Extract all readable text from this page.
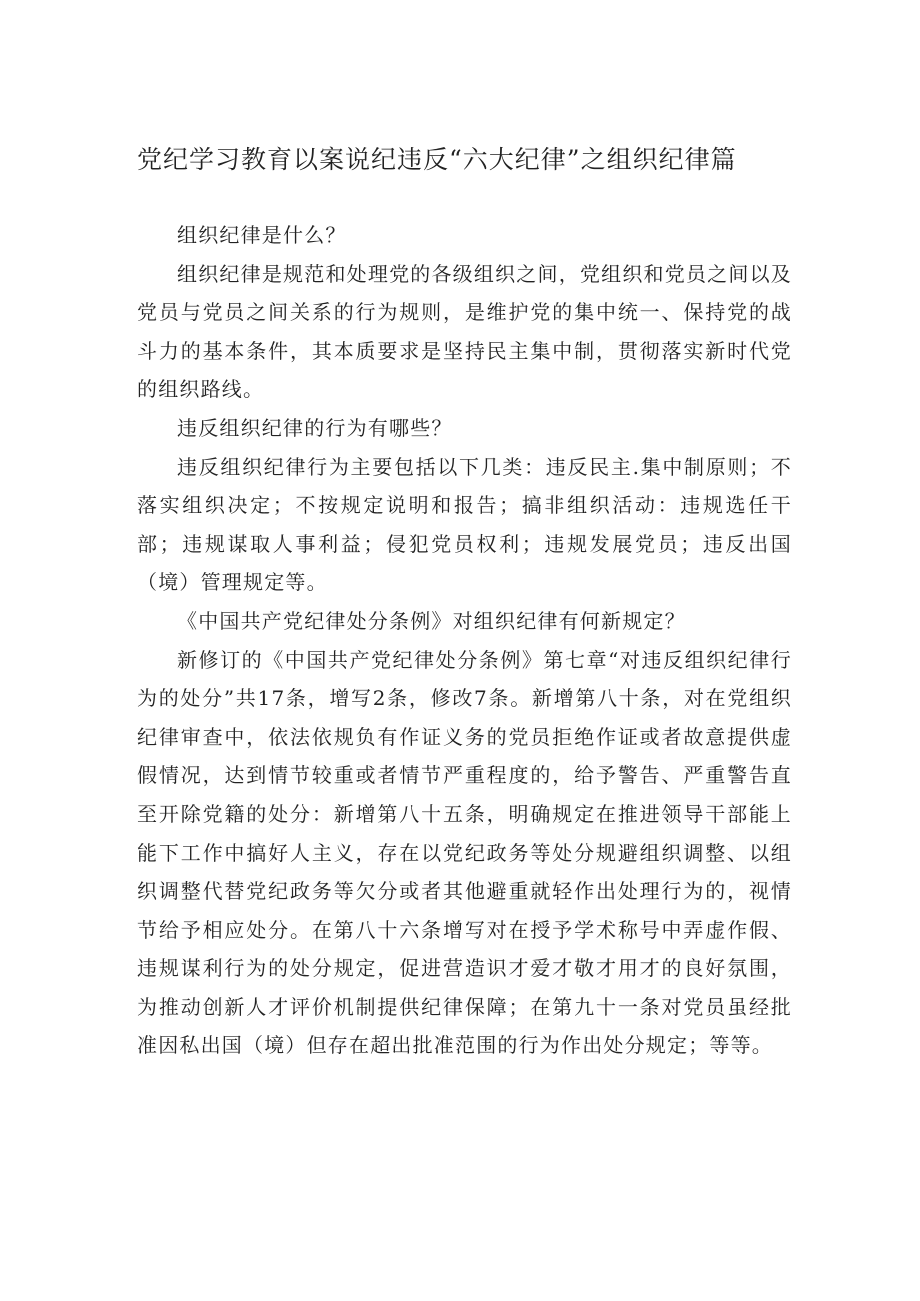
党纪学习教育以案说纪违反“六大纪律”之组织纪律篇

组织纪律是什么？

组织纪律是规范和处理党的各级组织之间，党组织和党员之间以及党员与党员之间关系的行为规则，是维护党的集中统一、保持党的战斗力的基本条件，其本质要求是坚持民主集中制，贯彻落实新时代党的组织路线。

违反组织纪律的行为有哪些？

违反组织纪律行为主要包括以下几类：违反民主.集中制原则；不落实组织决定；不按规定说明和报告；搞非组织活动：违规选任干部；违规谋取人事利益；侵犯党员权利；违规发展党员；违反出国（境）管理规定等。

《中国共产党纪律处分条例》对组织纪律有何新规定？

新修订的《中国共产党纪律处分条例》第七章“对违反组织纪律行为的处分”共17条，增写2条，修改7条。新增第八十条，对在党组织纪律审查中，依法依规负有作证义务的党员拒绝作证或者故意提供虚假情况，达到情节较重或者情节严重程度的，给予警告、严重警告直至开除党籍的处分：新增第八十五条，明确规定在推进领导干部能上能下工作中搞好人主义，存在以党纪政务等处分规避组织调整、以组织调整代替党纪政务等欠分或者其他避重就轻作出处理行为的，视情节给予相应处分。在第八十六条增写对在授予学术称号中弄虚作假、违规谋利行为的处分规定，促进营造识才爱才敬才用才的良好氛围，为推动创新人才评价机制提供纪律保障；在第九十一条对党员虽经批准因私出国（境）但存在超出批准范围的行为作出处分规定；等等。
